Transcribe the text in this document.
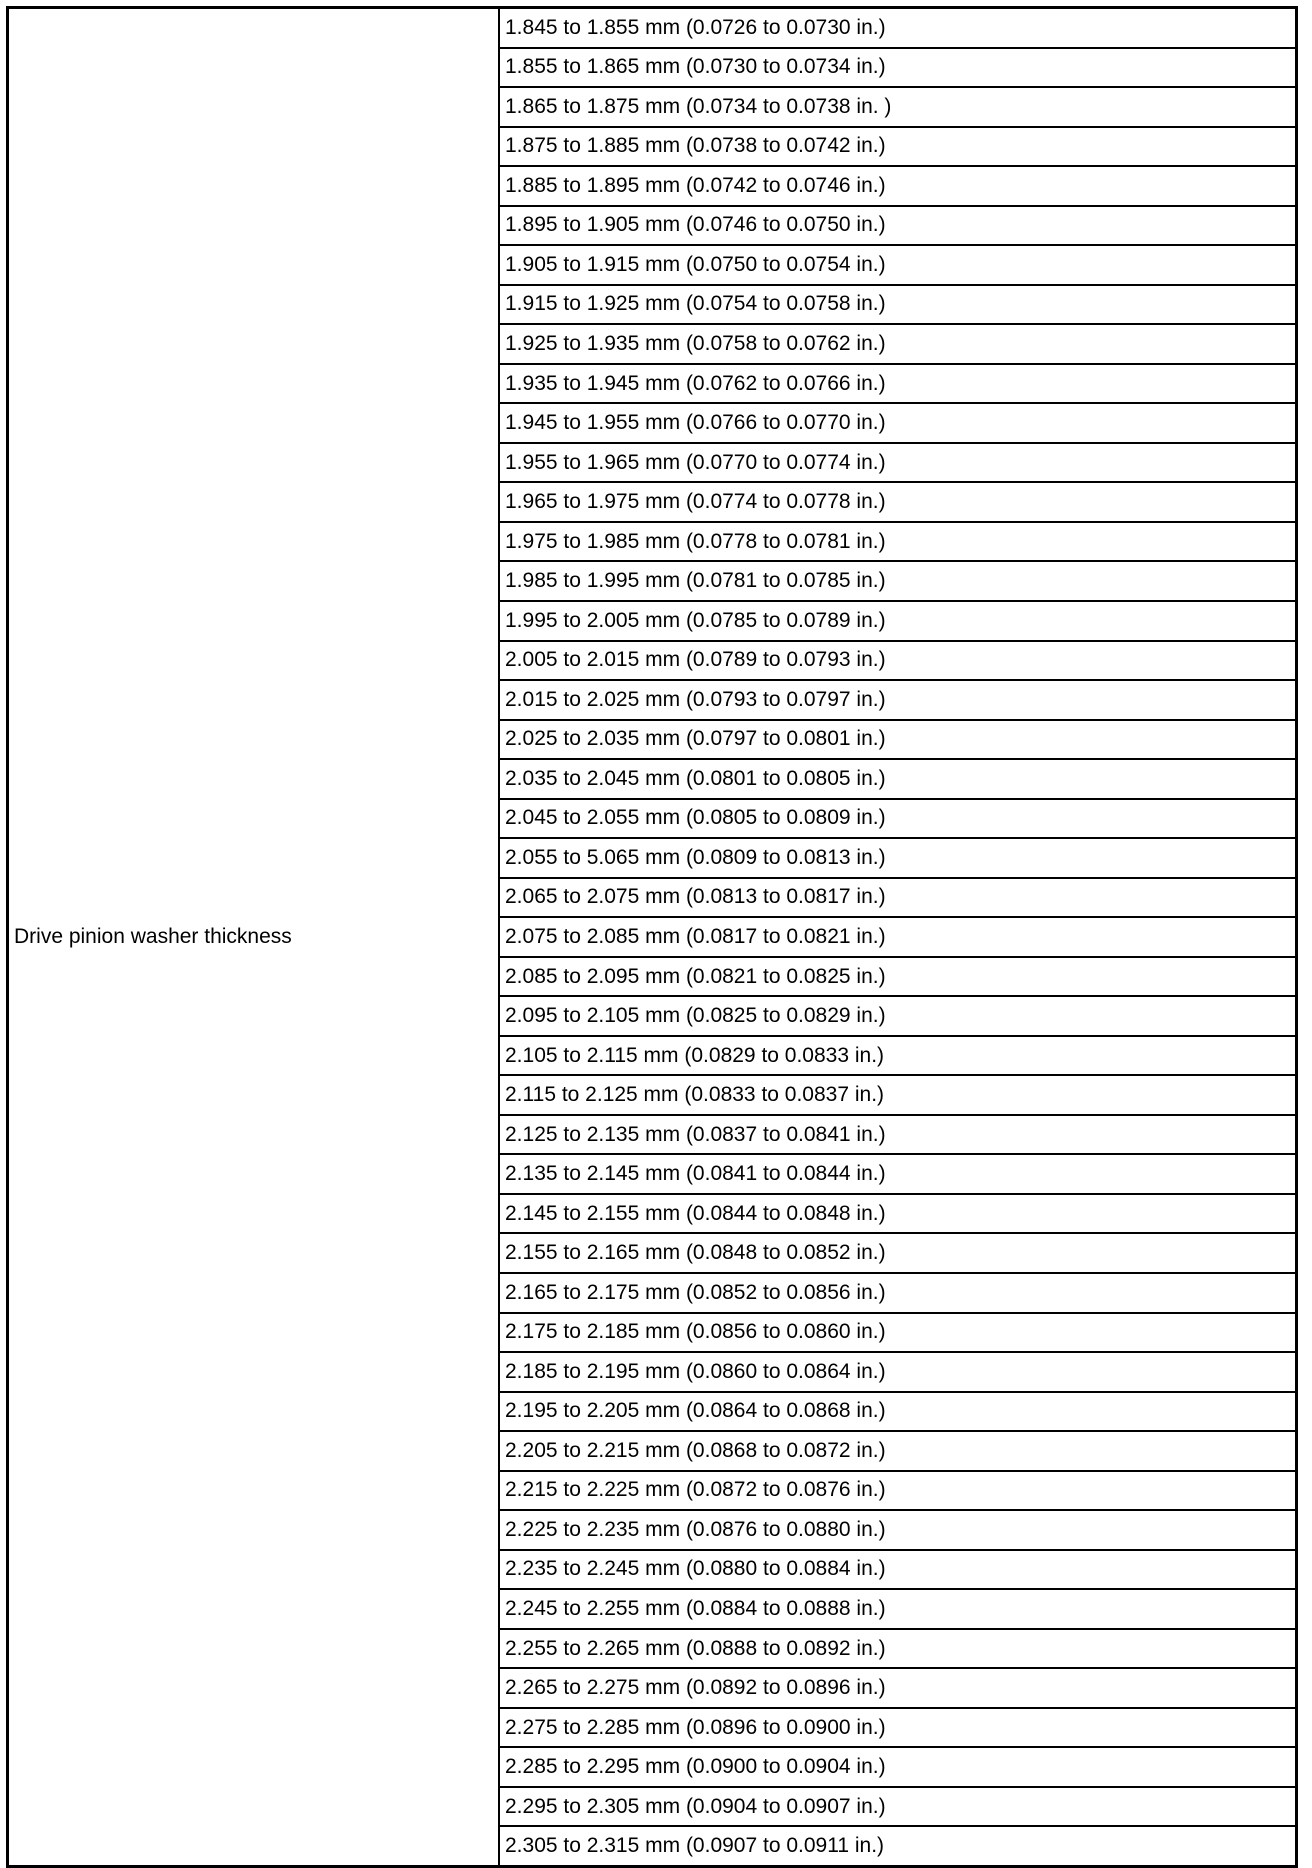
Drive pinion washer thickness
1.845 to 1.855 mm (0.0726 to 0.0730 in.)
1.855 to 1.865 mm (0.0730 to 0.0734 in.)
1.865 to 1.875 mm (0.0734 to 0.0738 in. )
1.875 to 1.885 mm (0.0738 to 0.0742 in.)
1.885 to 1.895 mm (0.0742 to 0.0746 in.)
1.895 to 1.905 mm (0.0746 to 0.0750 in.)
1.905 to 1.915 mm (0.0750 to 0.0754 in.)
1.915 to 1.925 mm (0.0754 to 0.0758 in.)
1.925 to 1.935 mm (0.0758 to 0.0762 in.)
1.935 to 1.945 mm (0.0762 to 0.0766 in.)
1.945 to 1.955 mm (0.0766 to 0.0770 in.)
1.955 to 1.965 mm (0.0770 to 0.0774 in.)
1.965 to 1.975 mm (0.0774 to 0.0778 in.)
1.975 to 1.985 mm (0.0778 to 0.0781 in.)
1.985 to 1.995 mm (0.0781 to 0.0785 in.)
1.995 to 2.005 mm (0.0785 to 0.0789 in.)
2.005 to 2.015 mm (0.0789 to 0.0793 in.)
2.015 to 2.025 mm (0.0793 to 0.0797 in.)
2.025 to 2.035 mm (0.0797 to 0.0801 in.)
2.035 to 2.045 mm (0.0801 to 0.0805 in.)
2.045 to 2.055 mm (0.0805 to 0.0809 in.)
2.055 to 5.065 mm (0.0809 to 0.0813 in.)
2.065 to 2.075 mm (0.0813 to 0.0817 in.)
2.075 to 2.085 mm (0.0817 to 0.0821 in.)
2.085 to 2.095 mm (0.0821 to 0.0825 in.)
2.095 to 2.105 mm (0.0825 to 0.0829 in.)
2.105 to 2.115 mm (0.0829 to 0.0833 in.)
2.115 to 2.125 mm (0.0833 to 0.0837 in.)
2.125 to 2.135 mm (0.0837 to 0.0841 in.)
2.135 to 2.145 mm (0.0841 to 0.0844 in.)
2.145 to 2.155 mm (0.0844 to 0.0848 in.)
2.155 to 2.165 mm (0.0848 to 0.0852 in.)
2.165 to 2.175 mm (0.0852 to 0.0856 in.)
2.175 to 2.185 mm (0.0856 to 0.0860 in.)
2.185 to 2.195 mm (0.0860 to 0.0864 in.)
2.195 to 2.205 mm (0.0864 to 0.0868 in.)
2.205 to 2.215 mm (0.0868 to 0.0872 in.)
2.215 to 2.225 mm (0.0872 to 0.0876 in.)
2.225 to 2.235 mm (0.0876 to 0.0880 in.)
2.235 to 2.245 mm (0.0880 to 0.0884 in.)
2.245 to 2.255 mm (0.0884 to 0.0888 in.)
2.255 to 2.265 mm (0.0888 to 0.0892 in.)
2.265 to 2.275 mm (0.0892 to 0.0896 in.)
2.275 to 2.285 mm (0.0896 to 0.0900 in.)
2.285 to 2.295 mm (0.0900 to 0.0904 in.)
2.295 to 2.305 mm (0.0904 to 0.0907 in.)
2.305 to 2.315 mm (0.0907 to 0.0911 in.)
